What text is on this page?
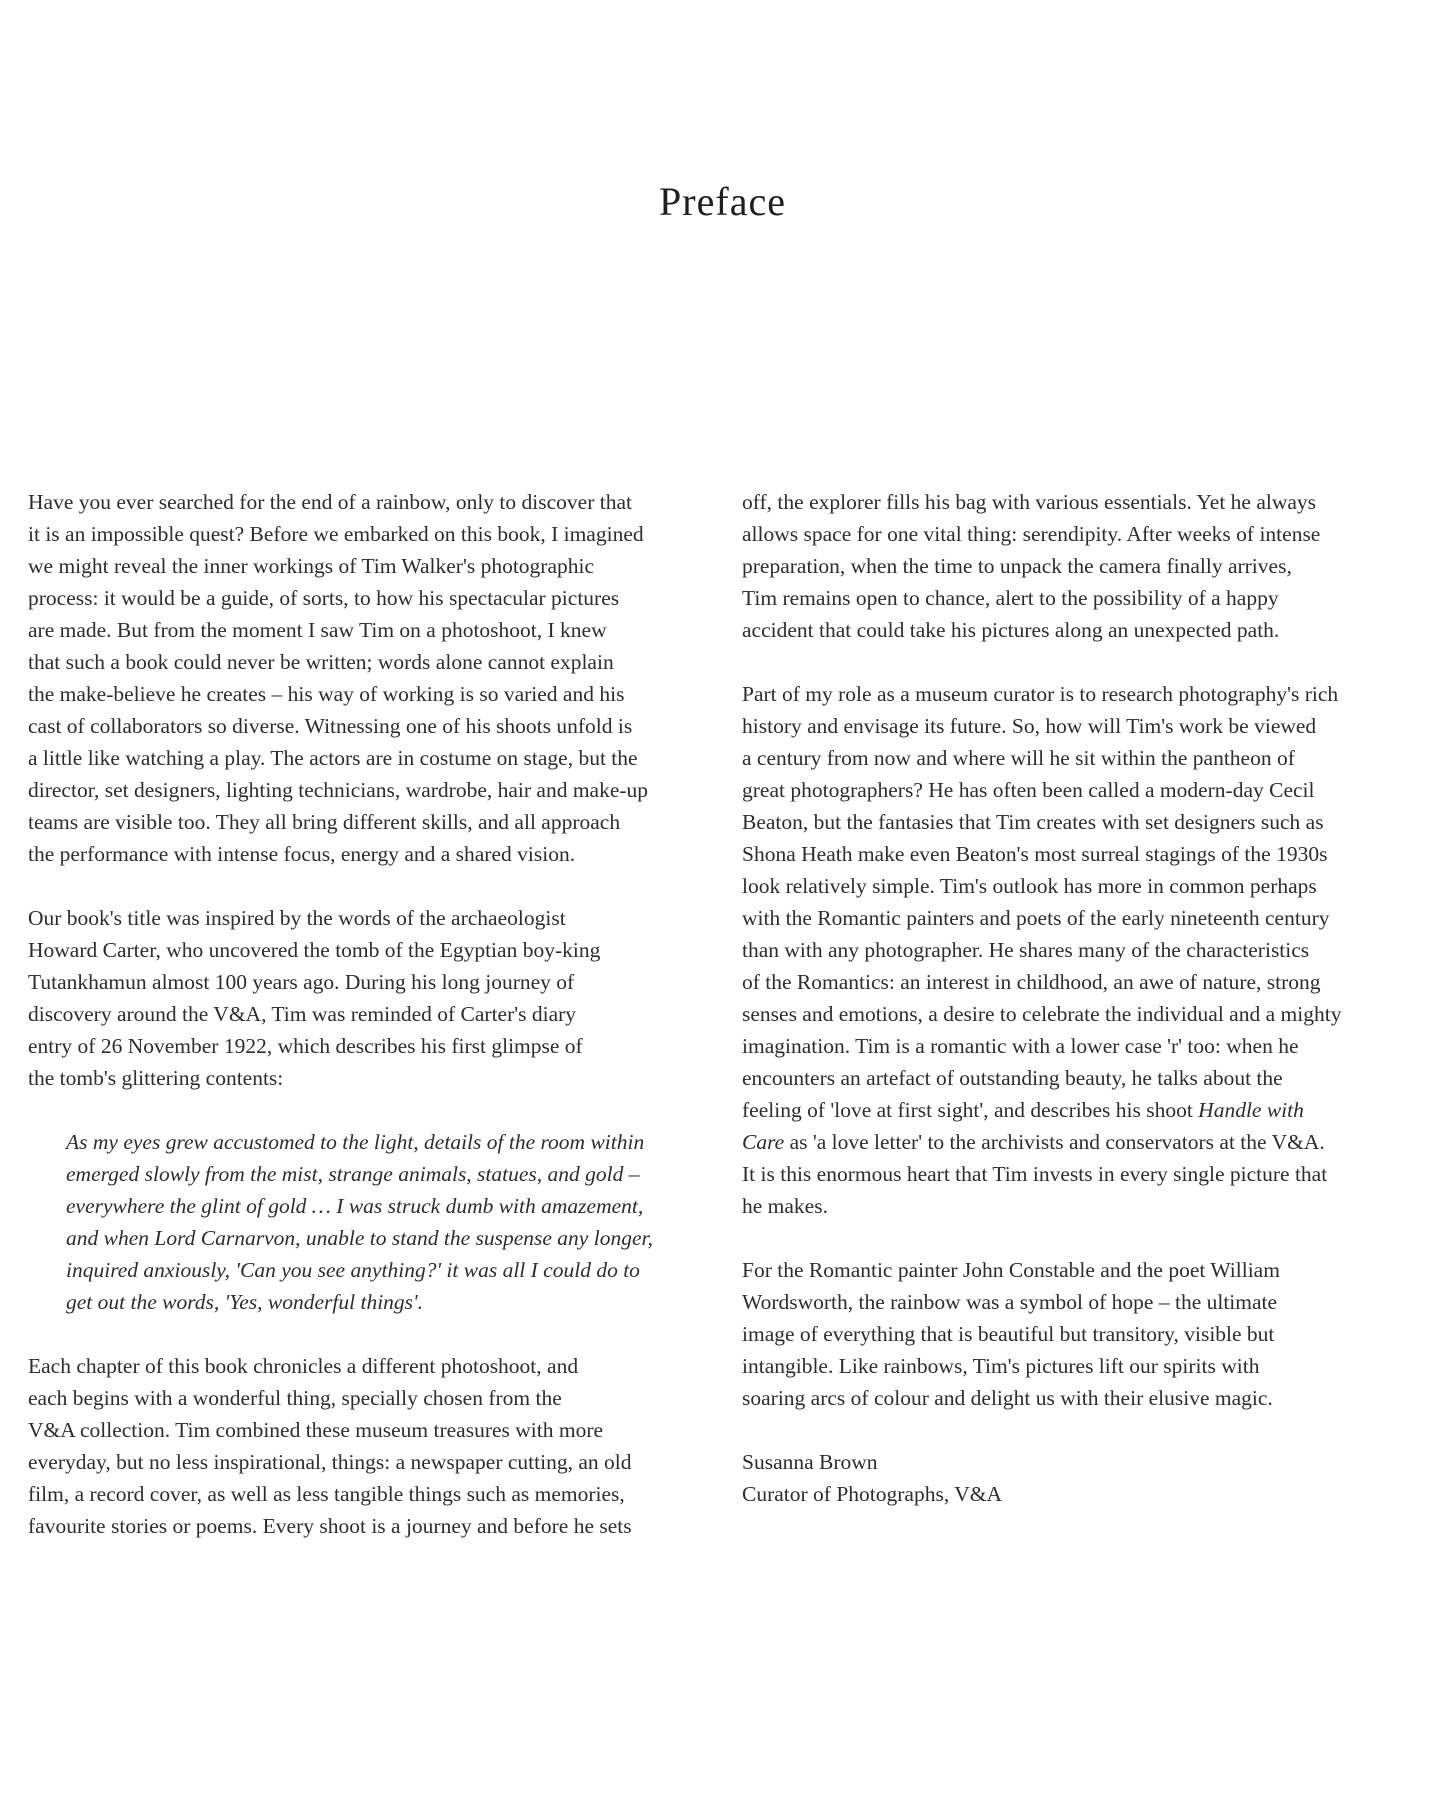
Preface

Have you ever searched for the end of a rainbow, only to discover that
it is an impossible quest? Before we embarked on this book, I imagined
we might reveal the inner workings of Tim Walker's photographic
process: it would be a guide, of sorts, to how his spectacular pictures
are made. But from the moment I saw Tim on a photoshoot, I knew
that such a book could never be written; words alone cannot explain
the make-believe he creates – his way of working is so varied and his
cast of collaborators so diverse. Witnessing one of his shoots unfold is
a little like watching a play. The actors are in costume on stage, but the
director, set designers, lighting technicians, wardrobe, hair and make-up
teams are visible too. They all bring different skills, and all approach
the performance with intense focus, energy and a shared vision.

Our book's title was inspired by the words of the archaeologist
Howard Carter, who uncovered the tomb of the Egyptian boy-king
Tutankhamun almost 100 years ago. During his long journey of
discovery around the V&A, Tim was reminded of Carter's diary
entry of 26 November 1922, which describes his first glimpse of
the tomb's glittering contents:

As my eyes grew accustomed to the light, details of the room within
emerged slowly from the mist, strange animals, statues, and gold –
everywhere the glint of gold … I was struck dumb with amazement,
and when Lord Carnarvon, unable to stand the suspense any longer,
inquired anxiously, 'Can you see anything?' it was all I could do to
get out the words, 'Yes, wonderful things'.

Each chapter of this book chronicles a different photoshoot, and
each begins with a wonderful thing, specially chosen from the
V&A collection. Tim combined these museum treasures with more
everyday, but no less inspirational, things: a newspaper cutting, an old
film, a record cover, as well as less tangible things such as memories,
favourite stories or poems. Every shoot is a journey and before he sets

off, the explorer fills his bag with various essentials. Yet he always
allows space for one vital thing: serendipity. After weeks of intense
preparation, when the time to unpack the camera finally arrives,
Tim remains open to chance, alert to the possibility of a happy
accident that could take his pictures along an unexpected path.

Part of my role as a museum curator is to research photography's rich
history and envisage its future. So, how will Tim's work be viewed
a century from now and where will he sit within the pantheon of
great photographers? He has often been called a modern-day Cecil
Beaton, but the fantasies that Tim creates with set designers such as
Shona Heath make even Beaton's most surreal stagings of the 1930s
look relatively simple. Tim's outlook has more in common perhaps
with the Romantic painters and poets of the early nineteenth century
than with any photographer. He shares many of the characteristics
of the Romantics: an interest in childhood, an awe of nature, strong
senses and emotions, a desire to celebrate the individual and a mighty
imagination. Tim is a romantic with a lower case 'r' too: when he
encounters an artefact of outstanding beauty, he talks about the
feeling of 'love at first sight', and describes his shoot Handle with
Care as 'a love letter' to the archivists and conservators at the V&A.
It is this enormous heart that Tim invests in every single picture that
he makes.

For the Romantic painter John Constable and the poet William
Wordsworth, the rainbow was a symbol of hope – the ultimate
image of everything that is beautiful but transitory, visible but
intangible. Like rainbows, Tim's pictures lift our spirits with
soaring arcs of colour and delight us with their elusive magic.

Susanna Brown
Curator of Photographs, V&A
